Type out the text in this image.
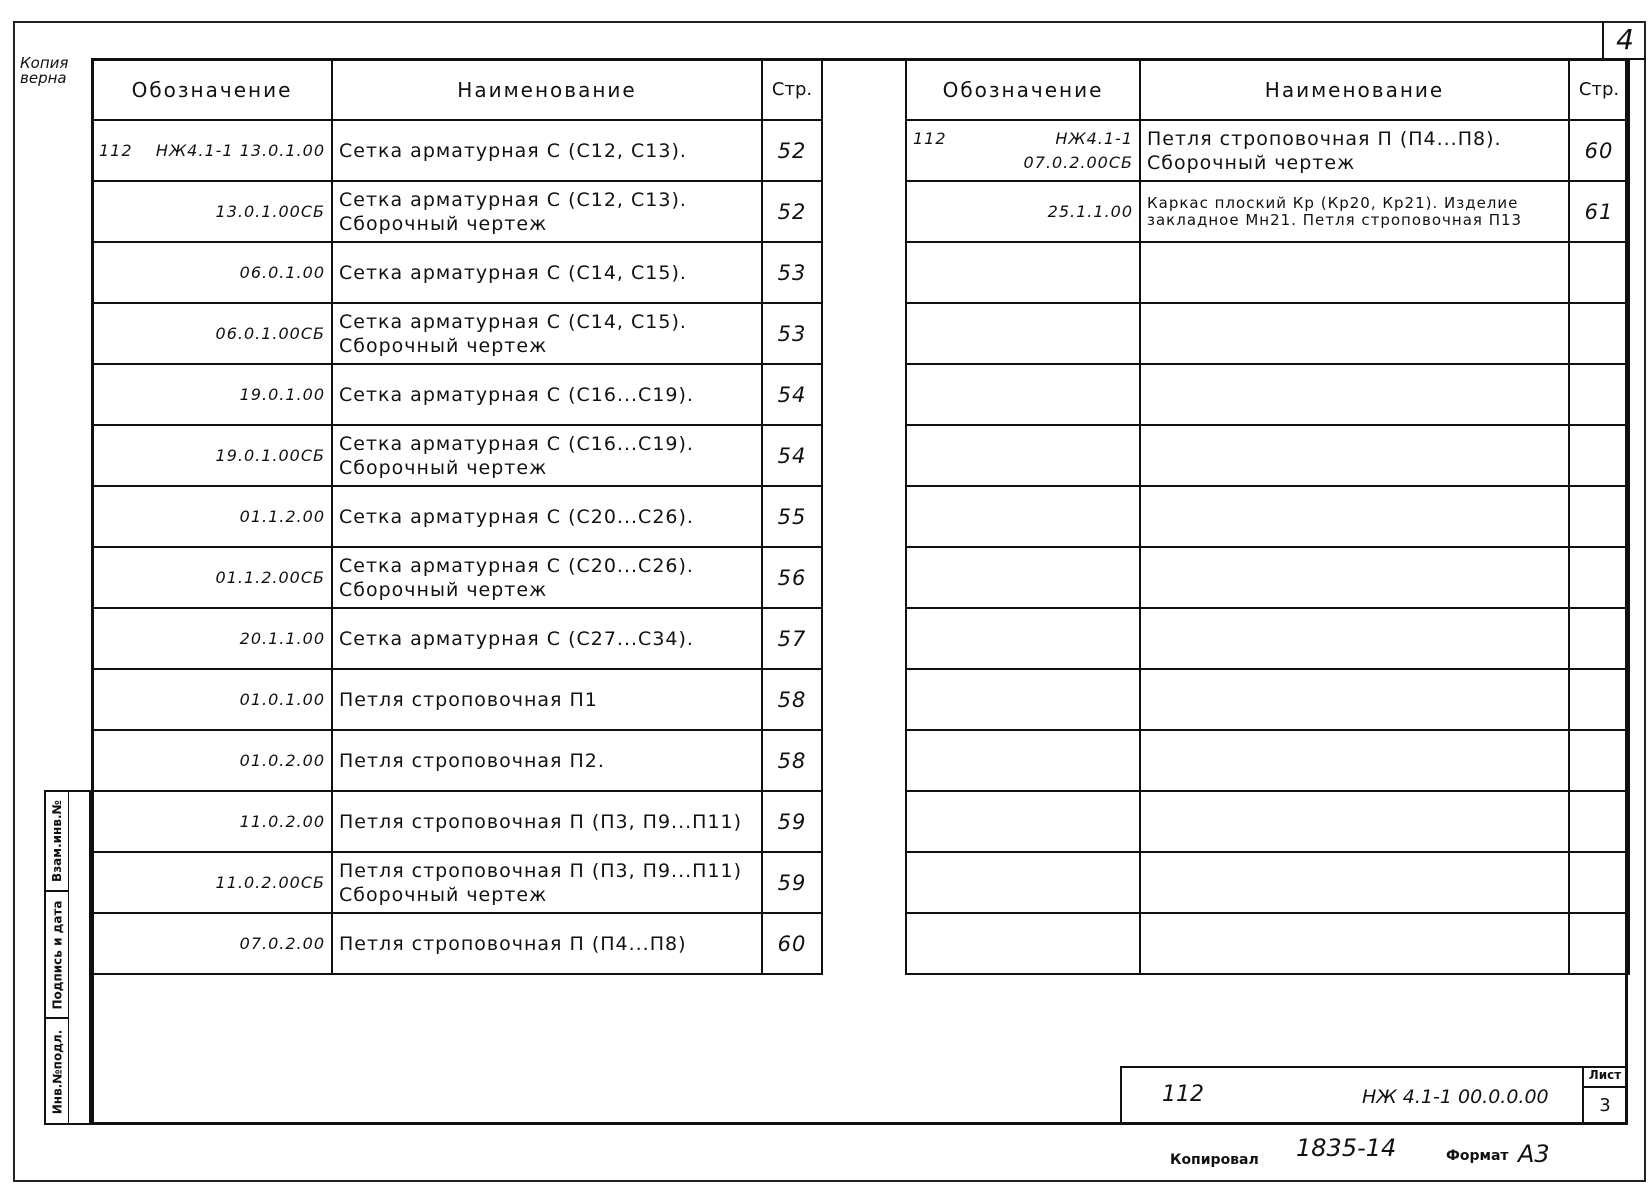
4
Копия
верна	Обозначение	Наименование	Стр.

112 НЖ4.1-1 13.0.1.00	Сетка арматурная С (С12, С13).	52
13.0.1.00СБ	Сетка арматурная С (С12, С13). Сборочный чертеж	52
06.0.1.00	Сетка арматурная С (С14, С15).	53
06.0.1.00СБ	Сетка арматурная С (С14, С15). Сборочный чертеж	53
19.0.1.00	Сетка арматурная С (С16...С19).	54
19.0.1.00СБ	Сетка арматурная С (С16...С19). Сборочный чертеж	54
01.1.2.00	Сетка арматурная С (С20...С26).	55
01.1.2.00СБ	Сетка арматурная С (С20...С26). Сборочный чертеж	56
20.1.1.00	Сетка арматурная С (С27...С34).	57
01.0.1.00	Петля строповочная П1	58
01.0.2.00	Петля строповочная П2.	58
11.0.2.00	Петля строповочная П (П3, П9...П11)	59
11.0.2.00СБ	Петля строповочная П (П3, П9...П11) Сборочный чертеж	59
07.0.2.00	Петля строповочная П (П4...П8)	60
Обозначение	Наименование	Стр.

112 НЖ4.1-1 07.0.2.00СБ	Петля строповочная П (П4...П8). Сборочный чертеж	60
25.1.1.00	Каркас плоский Кр (Кр20, Кр21). Изделие закладное Мн21. Петля строповочная П13	61

Взам.инв.№
Подпись и дата
Инв.№подл.	112	НЖ 4.1-1 00.0.0.00
Лист
3
Копировал 1835-14	Формат А3
